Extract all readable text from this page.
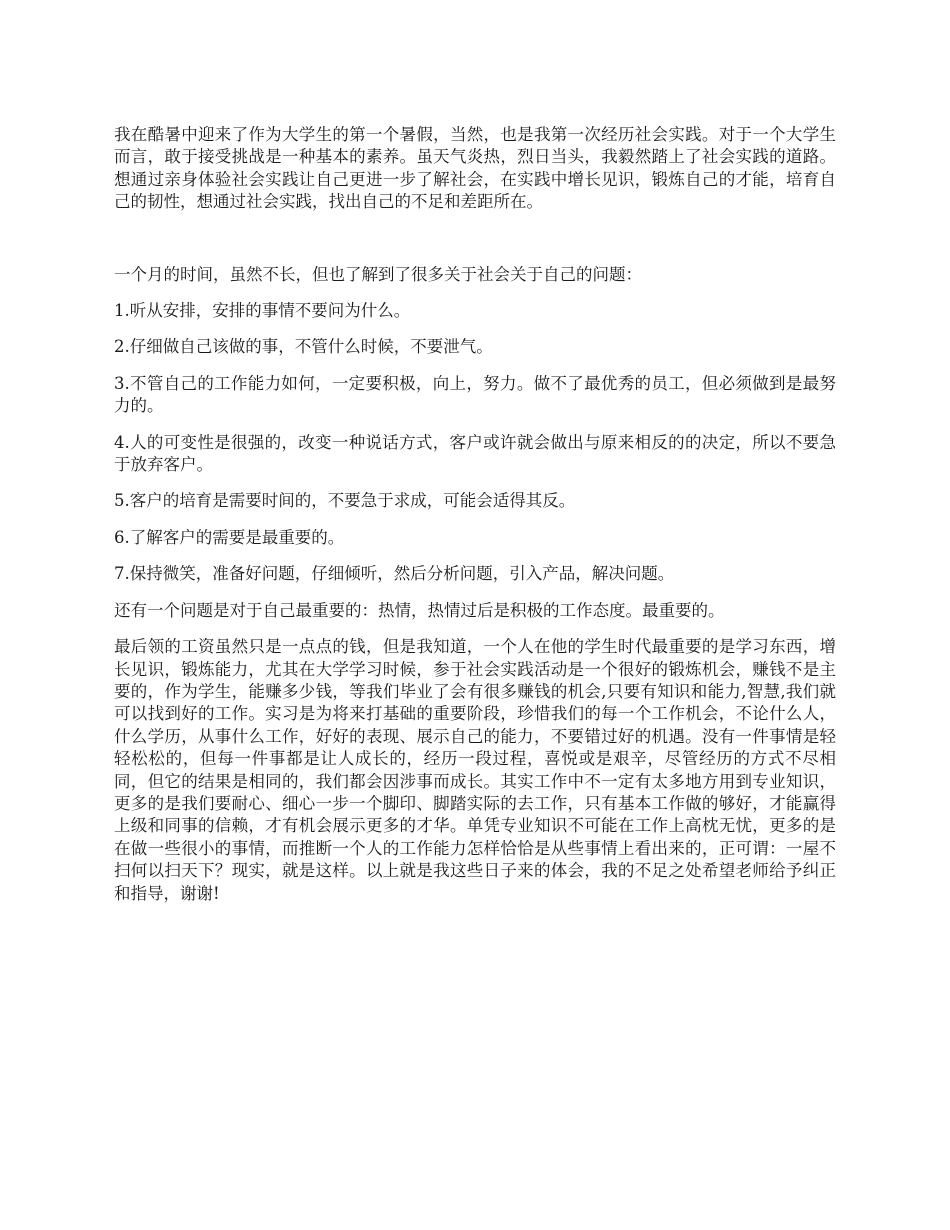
我在酷暑中迎来了作为大学生的第一个暑假，当然，也是我第一次经历社会实践。对于一个大学生而言，敢于接受挑战是一种基本的素养。虽天气炎热，烈日当头，我毅然踏上了社会实践的道路。想通过亲身体验社会实践让自己更进一步了解社会，在实践中增长见识，锻炼自己的才能，培育自己的韧性，想通过社会实践，找出自己的不足和差距所在。

一个月的时间，虽然不长，但也了解到了很多关于社会关于自己的问题：

1.听从安排，安排的事情不要问为什么。

2.仔细做自己该做的事，不管什么时候，不要泄气。

3.不管自己的工作能力如何，一定要积极，向上，努力。做不了最优秀的员工，但必须做到是最努力的。

4.人的可变性是很强的，改变一种说话方式，客户或许就会做出与原来相反的的决定，所以不要急于放弃客户。

5.客户的培育是需要时间的，不要急于求成，可能会适得其反。

6.了解客户的需要是最重要的。

7.保持微笑，准备好问题，仔细倾听，然后分析问题，引入产品，解决问题。

还有一个问题是对于自己最重要的：热情，热情过后是积极的工作态度。最重要的。

最后领的工资虽然只是一点点的钱，但是我知道，一个人在他的学生时代最重要的是学习东西，增长见识，锻炼能力，尤其在大学学习时候，参于社会实践活动是一个很好的锻炼机会，赚钱不是主要的，作为学生，能赚多少钱，等我们毕业了会有很多赚钱的机会,只要有知识和能力,智慧,我们就可以找到好的工作。实习是为将来打基础的重要阶段，珍惜我们的每一个工作机会，不论什么人，什么学历，从事什么工作，好好的表现、展示自己的能力，不要错过好的机遇。没有一件事情是轻轻松松的，但每一件事都是让人成长的，经历一段过程，喜悦或是艰辛，尽管经历的方式不尽相同，但它的结果是相同的，我们都会因涉事而成长。其实工作中不一定有太多地方用到专业知识，更多的是我们要耐心、细心一步一个脚印、脚踏实际的去工作，只有基本工作做的够好，才能赢得上级和同事的信赖，才有机会展示更多的才华。单凭专业知识不可能在工作上高枕无忧，更多的是在做一些很小的事情，而推断一个人的工作能力怎样恰恰是从些事情上看出来的，正可谓：一屋不扫何以扫天下？现实，就是这样。以上就是我这些日子来的体会，我的不足之处希望老师给予纠正和指导，谢谢!
